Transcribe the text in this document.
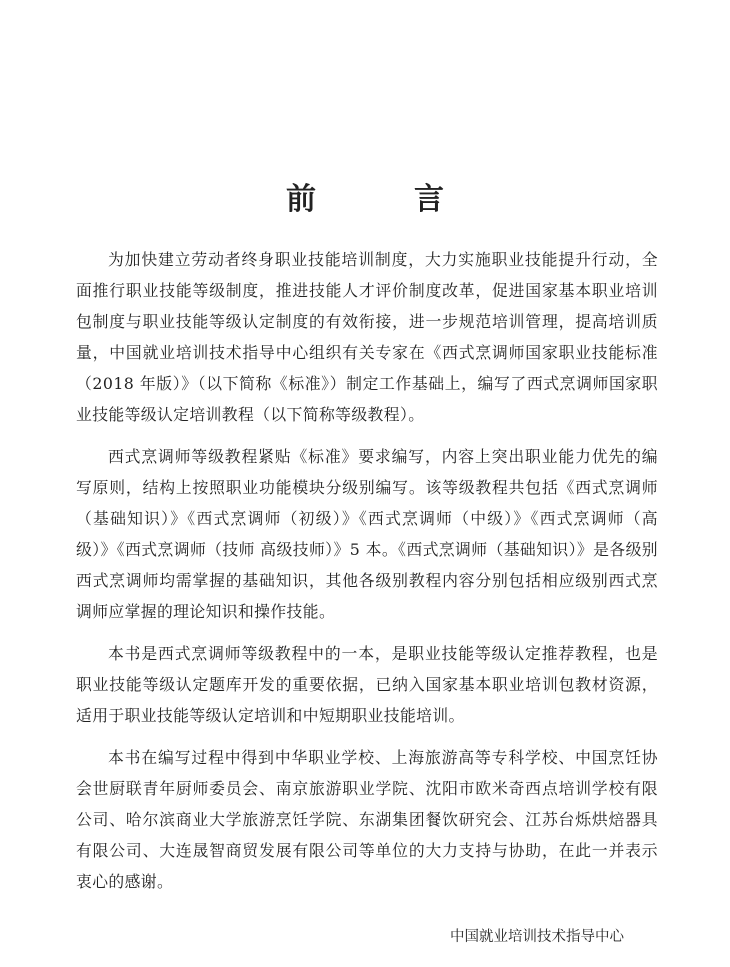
前　言

为加快建立劳动者终身职业技能培训制度，大力实施职业技能提升行动，全面推行职业技能等级制度，推进技能人才评价制度改革，促进国家基本职业培训包制度与职业技能等级认定制度的有效衔接，进一步规范培训管理，提高培训质量，中国就业培训技术指导中心组织有关专家在《西式烹调师国家职业技能标准（2018 年版）》（以下简称《标准》）制定工作基础上，编写了西式烹调师国家职业技能等级认定培训教程（以下简称等级教程）。

西式烹调师等级教程紧贴《标准》要求编写，内容上突出职业能力优先的编写原则，结构上按照职业功能模块分级别编写。该等级教程共包括《西式烹调师（基础知识）》《西式烹调师（初级）》《西式烹调师（中级）》《西式烹调师（高级）》《西式烹调师（技师 高级技师）》5 本。《西式烹调师（基础知识）》是各级别西式烹调师均需掌握的基础知识，其他各级别教程内容分别包括相应级别西式烹调师应掌握的理论知识和操作技能。

本书是西式烹调师等级教程中的一本，是职业技能等级认定推荐教程，也是职业技能等级认定题库开发的重要依据，已纳入国家基本职业培训包教材资源，适用于职业技能等级认定培训和中短期职业技能培训。

本书在编写过程中得到中华职业学校、上海旅游高等专科学校、中国烹饪协会世厨联青年厨师委员会、南京旅游职业学院、沈阳市欧米奇西点培训学校有限公司、哈尔滨商业大学旅游烹饪学院、东湖集团餐饮研究会、江苏台烁烘焙器具有限公司、大连晟智商贸发展有限公司等单位的大力支持与协助，在此一并表示衷心的感谢。

中国就业培训技术指导中心
